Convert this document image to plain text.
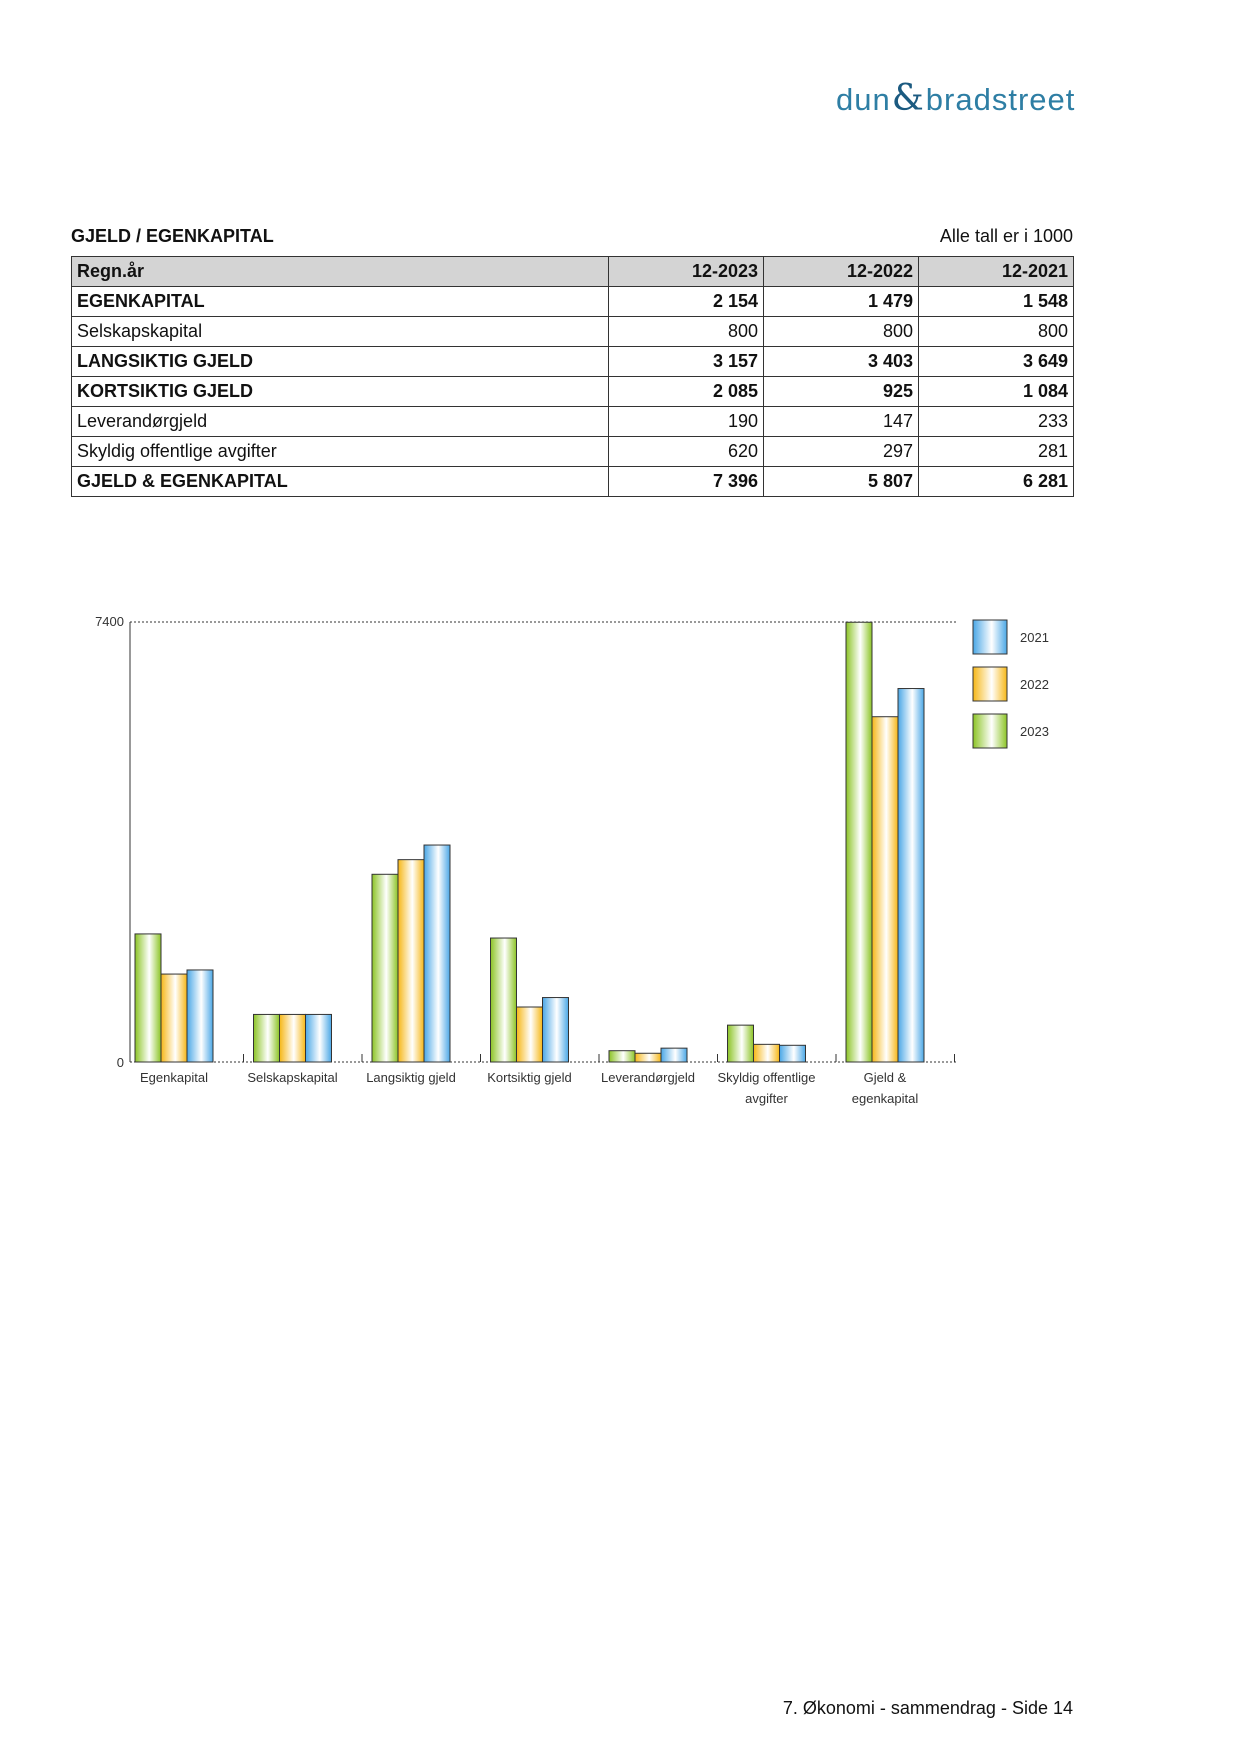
dun&bradstreet
GJELD / EGENKAPITAL	Alle tall er i 1000
Regn.år	12-2023	12-2022	12-2021
EGENKAPITAL	2 154	1 479	1 548
Selskapskapital	800	800	800
LANGSIKTIG GJELD	3 157	3 403	3 649
KORTSIKTIG GJELD	2 085	925	1 084
Leverandørgjeld	190	147	233
Skyldig offentlige avgifter	620	297	281
GJELD & EGENKAPITAL	7 396	5 807	6 281
7400
0
Egenkapital	Selskapskapital Langsiktig gjeld Kortsiktig gjeld Leverandørgjeld Skyldig offentlige
avgifter
Gjeld &
egenkapital
2021
2022
2023
7. Økonomi - sammendrag - Side 14
